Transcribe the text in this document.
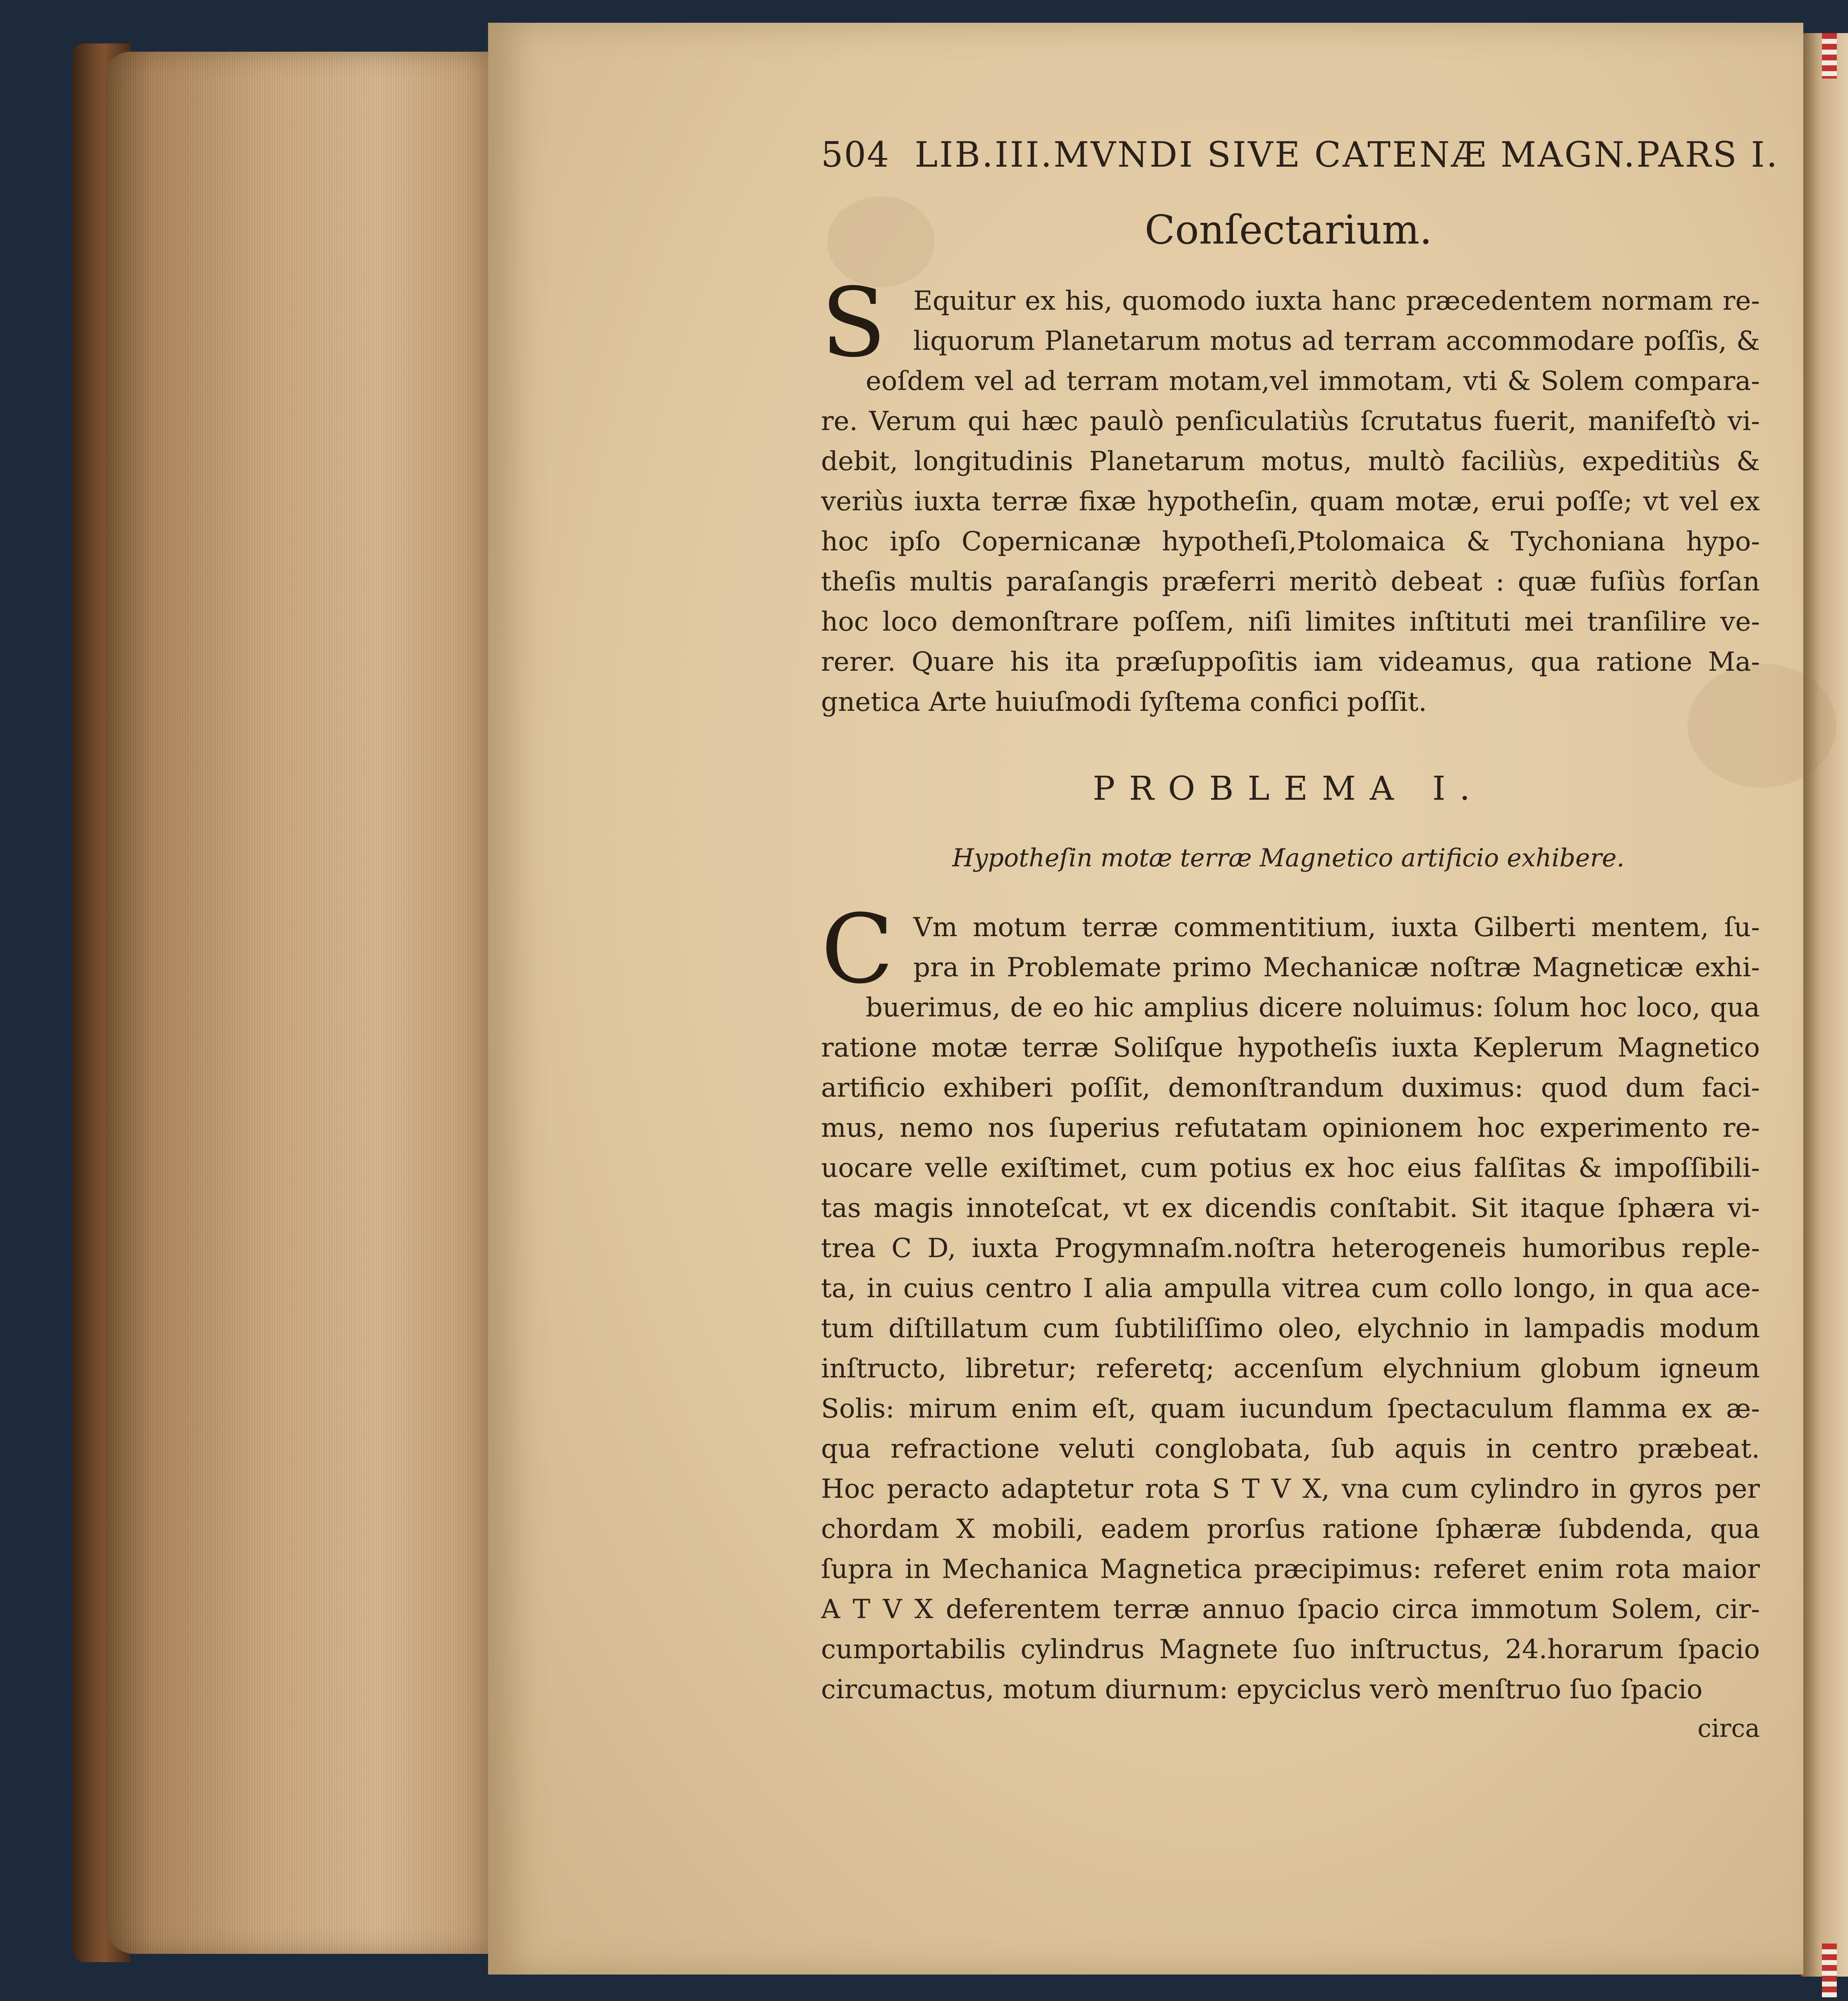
504 LIB.III.MVNDI SIVE CATENÆ MAGN.PARS I.
Conſectarium.
S	Equitur ex his, quomodo iuxta hanc præcedentem normam re-
liquorum Planetarum motus ad terram accommodare poſſis, &
eoſdem vel ad terram motam,vel immotam, vti & Solem compara-
re. Verum qui hæc paulò penſiculatiùs ſcrutatus fuerit, manifeſtò vi-
debit, longitudinis Planetarum motus, multò faciliùs, expeditiùs &
veriùs iuxta terræ fixæ hypotheſin, quam motæ, erui poſſe; vt vel ex
hoc ipſo Copernicanæ hypotheſi,Ptolomaica & Tychoniana hypo-
theſis multis paraſangis præferri meritò debeat : quæ fuſiùs forſan
hoc loco demonſtrare poſſem, niſi limites inſtituti mei tranſilire ve-
rerer. Quare his ita præſuppoſitis iam videamus, qua ratione Ma-
gnetica Arte huiuſmodi ſyſtema confici poſſit.
PROBLEMA I.
Hypotheſin motæ terræ Magnetico artificio exhibere.
C Vm motum terræ commentitium, iuxta Gilberti mentem, ſu-
pra in Problemate primo Mechanicæ noſtræ Magneticæ exhi-
buerimus, de eo hic amplius dicere noluimus: ſolum hoc loco, qua
ratione motæ terræ Soliſque hypotheſis iuxta Keplerum Magnetico
artificio exhiberi poſſit, demonſtrandum duximus: quod dum faci-
mus, nemo nos ſuperius refutatam opinionem hoc experimento re-
uocare velle exiſtimet, cum potius ex hoc eius falſitas & impoſſibili-
tas magis innoteſcat, vt ex dicendis conſtabit. Sit itaque ſphæra vi-
trea C D, iuxta Progymnaſm.noſtra heterogeneis humoribus reple-
ta, in cuius centro I alia ampulla vitrea cum collo longo, in qua ace-
tum diſtillatum cum ſubtiliſſimo oleo, elychnio in lampadis modum
inſtructo, libretur; referetq; accenſum elychnium globum igneum
Solis: mirum enim eſt, quam iucundum ſpectaculum flamma ex æ-
qua refractione veluti conglobata, ſub aquis in centro præbeat.
Hoc peracto adaptetur rota S T V X, vna cum cylindro in gyros per
chordam X mobili, eadem prorſus ratione ſphæræ ſubdenda, qua
ſupra in Mechanica Magnetica præcipimus: referet enim rota maior
A T V X deferentem terræ annuo ſpacio circa immotum Solem, cir-
cumportabilis cylindrus Magnete ſuo inſtructus, 24.horarum ſpacio
circumactus, motum diurnum: epyciclus verò menſtruo ſuo ſpacio
circa
